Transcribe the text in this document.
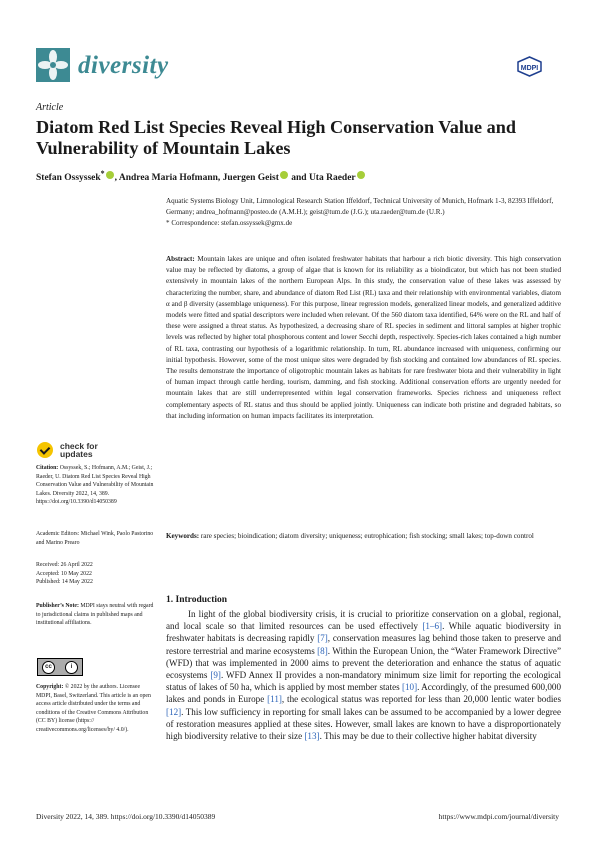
diversity	MDPI
Article
Diatom Red List Species Reveal High Conservation Value and Vulnerability of Mountain Lakes
Stefan Ossyssek* , Andrea Maria Hofmann, Juergen Geist and Uta Raeder
Aquatic Systems Biology Unit, Limnological Research Station Iffeldorf, Technical University of Munich, Hofmark 1-3, 82393 Iffeldorf, Germany; andrea_hofmann@posteo.de (A.M.H.); geist@tum.de (J.G.); uta.raeder@tum.de (U.R.)
* Correspondence: stefan.ossyssek@gmx.de
Abstract: Mountain lakes are unique and often isolated freshwater habitats that harbour a rich biotic diversity. This high conservation value may be reflected by diatoms, a group of algae that is known for its reliability as a bioindicator, but which has not been studied extensively in mountain lakes of the northern European Alps. In this study, the conservation value of these lakes was assessed by characterizing the number, share, and abundance of diatom Red List (RL) taxa and their relationship with environmental variables, diatom α and β diversity (assemblage uniqueness). For this purpose, linear regression models, generalized linear models, and generalized additive models were fitted and spatial descriptors were included when relevant. Of the 560 diatom taxa identified, 64% were on the RL and half of these were assigned a threat status. As hypothesized, a decreasing share of RL species in sediment and littoral samples at higher trophic levels was reflected by higher total phosphorous content and lower Secchi depth, respectively. Species-rich lakes contained a high number of RL taxa, contrasting our hypothesis of a logarithmic relationship. In turn, RL abundance increased with uniqueness, confirming our initial hypothesis. However, some of the most unique sites were degraded by fish stocking and contained low abundances of RL species. The results demonstrate the importance of oligotrophic mountain lakes as habitats for rare freshwater biota and their vulnerability in light of human impact through cattle herding, tourism, damming, and fish stocking. Additional conservation efforts are urgently needed for mountain lakes that are still underrepresented within legal conservation frameworks. Species richness and uniqueness reflect complementary aspects of RL status and thus should be applied jointly. Uniqueness can indicate both pristine and degraded habitats, so that including information on human impacts facilitates its interpretation.
Keywords: rare species; bioindication; diatom diversity; uniqueness; eutrophication; fish stocking; small lakes; top-down control
check for updates
Citation: Ossyssek, S.; Hofmann, A.M.; Geist, J.; Raeder, U. Diatom Red List Species Reveal High Conservation Value and Vulnerability of Mountain Lakes. Diversity 2022, 14, 389. https://doi.org/10.3390/d14050389
Academic Editors: Michael Wink, Paolo Pastorino and Marino Prearo
Received: 26 April 2022
Accepted: 10 May 2022
Published: 14 May 2022
Publisher’s Note: MDPI stays neutral with regard to jurisdictional claims in published maps and institutional affiliations.
cc	i
Copyright: © 2022 by the authors. Licensee MDPI, Basel, Switzerland. This article is an open access article distributed under the terms and conditions of the Creative Commons Attribution (CC BY) license (https:// creativecommons.org/licenses/by/ 4.0/).
1. Introduction
In light of the global biodiversity crisis, it is crucial to prioritize conservation on a global, regional, and local scale so that limited resources can be used effectively [1–6]. While aquatic biodiversity in freshwater habitats is decreasing rapidly [7], conservation measures lag behind those taken to preserve and restore terrestrial and marine ecosystems [8]. Within the European Union, the “Water Framework Directive” (WFD) that was implemented in 2000 aims to prevent the deterioration and enhance the status of aquatic ecosystems [9]. WFD Annex II provides a non-mandatory minimum size limit for reporting the ecological status of lakes of 50 ha, which is applied by most member states [10]. Accordingly, of the presumed 600,000 lakes and ponds in Europe [11], the ecological status was reported for less than 20,000 lentic water bodies [12]. This low sufficiency in reporting for small lakes can be assumed to be accompanied by a lower degree of restoration measures applied at these sites. However, small lakes are known to have a disproportionately high biodiversity relative to their size [13]. This may be due to their collective higher habitat diversity
Diversity 2022, 14, 389. https://doi.org/10.3390/d14050389	https://www.mdpi.com/journal/diversity
